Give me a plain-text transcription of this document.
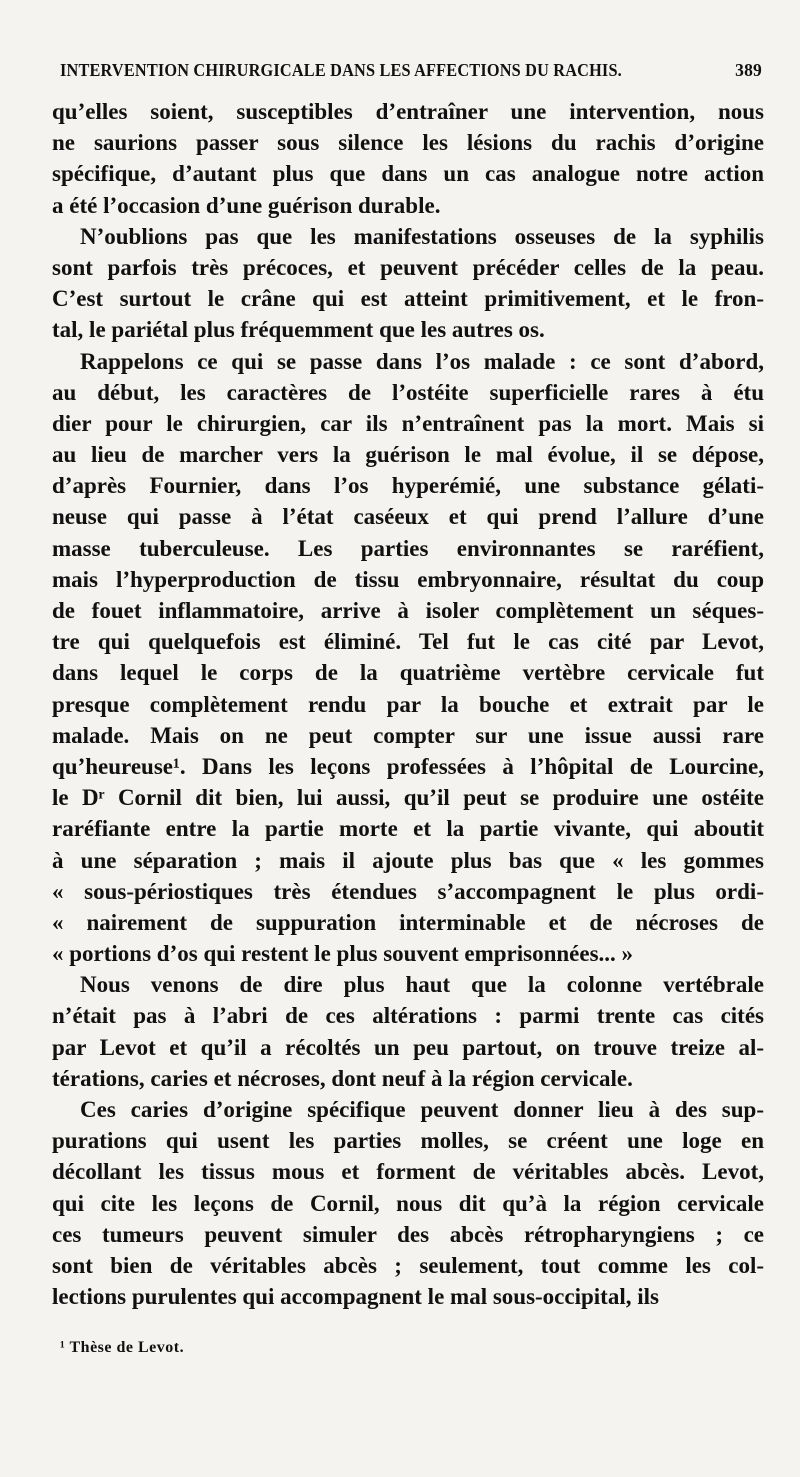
INTERVENTION CHIRURGICALE DANS LES AFFECTIONS DU RACHIS.	389
qu’elles soient, susceptibles d’entraîner une intervention, nous
ne saurions passer sous silence les lésions du rachis d’origine
spécifique, d’autant plus que dans un cas analogue notre action
a été l’occasion d’une guérison durable.
N’oublions pas que les manifestations osseuses de la syphilis
sont parfois très précoces, et peuvent précéder celles de la peau.
C’est surtout le crâne qui est atteint primitivement, et le fron-
tal, le pariétal plus fréquemment que les autres os.
Rappelons ce qui se passe dans l’os malade : ce sont d’abord,
au début, les caractères de l’ostéite superficielle rares à étu
dier pour le chirurgien, car ils n’entraînent pas la mort. Mais si
au lieu de marcher vers la guérison le mal évolue, il se dépose,
d’après Fournier, dans l’os hyperémié, une substance gélati-
neuse qui passe à l’état caséeux et qui prend l’allure d’une
masse tuberculeuse. Les parties environnantes se raréfient,
mais l’hyperproduction de tissu embryonnaire, résultat du coup
de fouet inflammatoire, arrive à isoler complètement un séques-
tre qui quelquefois est éliminé. Tel fut le cas cité par Levot,
dans lequel le corps de la quatrième vertèbre cervicale fut
presque complètement rendu par la bouche et extrait par le
malade. Mais on ne peut compter sur une issue aussi rare
qu’heureuse¹. Dans les leçons professées à l’hôpital de Lourcine,
le Dʳ Cornil dit bien, lui aussi, qu’il peut se produire une ostéite
raréfiante entre la partie morte et la partie vivante, qui aboutit
à une séparation ; mais il ajoute plus bas que « les gommes
« sous-périostiques très étendues s’accompagnent le plus ordi-
« nairement de suppuration interminable et de nécroses de
« portions d’os qui restent le plus souvent emprisonnées... »
Nous venons de dire plus haut que la colonne vertébrale
n’était pas à l’abri de ces altérations : parmi trente cas cités
par Levot et qu’il a récoltés un peu partout, on trouve treize al-
térations, caries et nécroses, dont neuf à la région cervicale.
Ces caries d’origine spécifique peuvent donner lieu à des sup-
purations qui usent les parties molles, se créent une loge en
décollant les tissus mous et forment de véritables abcès. Levot,
qui cite les leçons de Cornil, nous dit qu’à la région cervicale
ces tumeurs peuvent simuler des abcès rétropharyngiens ; ce
sont bien de véritables abcès ; seulement, tout comme les col-
lections purulentes qui accompagnent le mal sous-occipital, ils
¹ Thèse de Levot.
